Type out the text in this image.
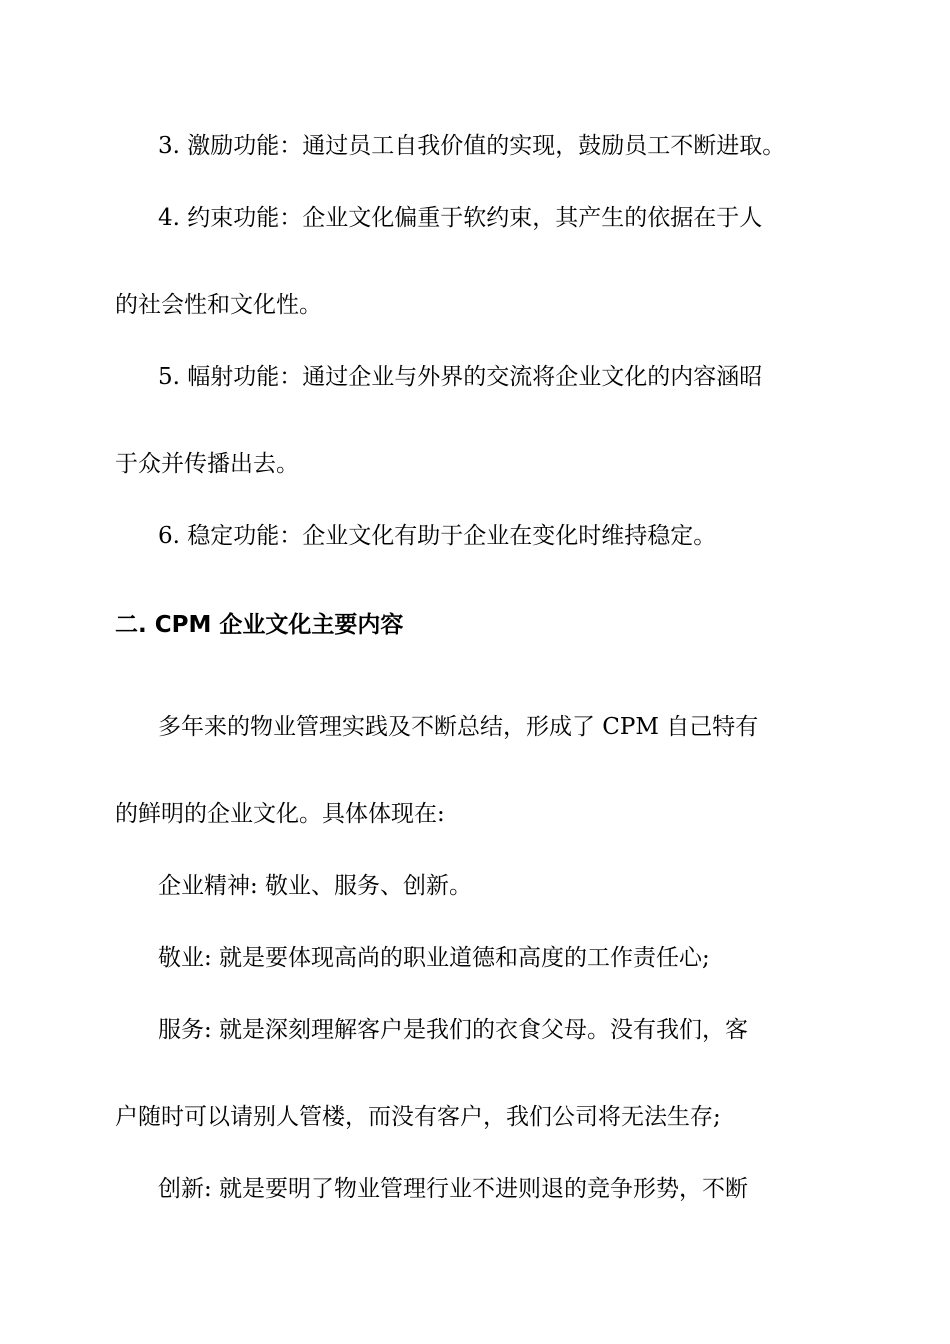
3. 激励功能：通过员工自我价值的实现，鼓励员工不断进取。
4. 约束功能：企业文化偏重于软约束，其产生的依据在于人
的社会性和文化性。
5. 幅射功能：通过企业与外界的交流将企业文化的内容涵昭
于众并传播出去。
6. 稳定功能：企业文化有助于企业在变化时维持稳定。
二. CPM 企业文化主要内容
多年来的物业管理实践及不断总结，形成了 CPM 自己特有
的鲜明的企业文化。具体体现在:
企业精神: 敬业、服务、创新。
敬业: 就是要体现高尚的职业道德和高度的工作责任心;
服务: 就是深刻理解客户是我们的衣食父母。没有我们，客
户随时可以请别人管楼，而没有客户，我们公司将无法生存;
创新: 就是要明了物业管理行业不进则退的竞争形势，不断
